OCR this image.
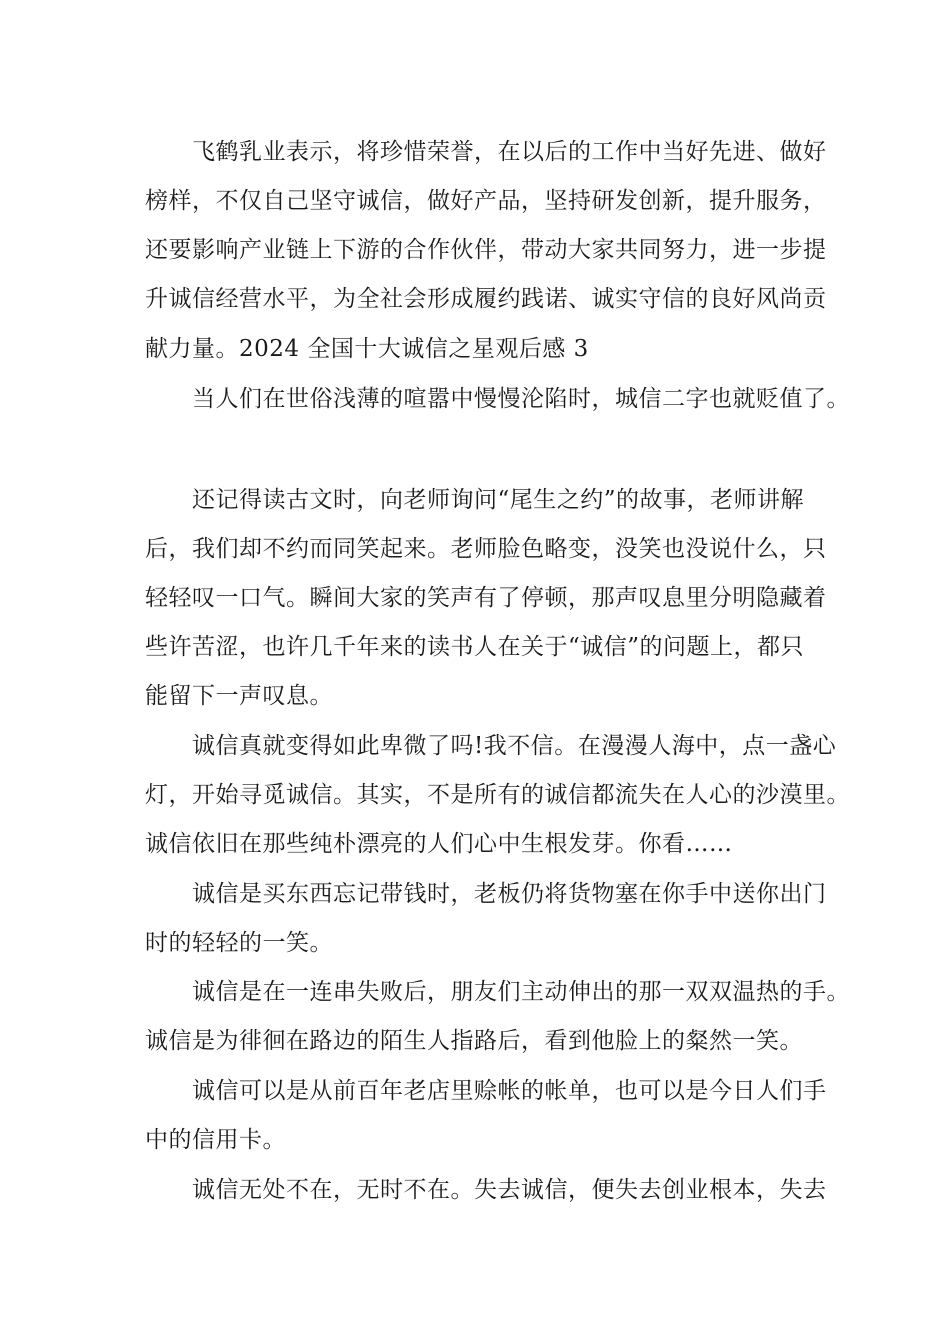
飞鹤乳业表示，将珍惜荣誉，在以后的工作中当好先进、做好
榜样，不仅自己坚守诚信，做好产品，坚持研发创新，提升服务，
还要影响产业链上下游的合作伙伴，带动大家共同努力，进一步提
升诚信经营水平，为全社会形成履约践诺、诚实守信的良好风尚贡
献力量。2024 全国十大诚信之星观后感 3
当人们在世俗浅薄的喧嚣中慢慢沦陷时，城信二字也就贬值了。
还记得读古文时，向老师询问“尾生之约”的故事，老师讲解
后，我们却不约而同笑起来。老师脸色略变，没笑也没说什么，只
轻轻叹一口气。瞬间大家的笑声有了停顿，那声叹息里分明隐藏着
些许苦涩，也许几千年来的读书人在关于“诚信”的问题上，都只
能留下一声叹息。
诚信真就变得如此卑微了吗!我不信。在漫漫人海中，点一盏心
灯，开始寻觅诚信。其实，不是所有的诚信都流失在人心的沙漠里。
诚信依旧在那些纯朴漂亮的人们心中生根发芽。你看……
诚信是买东西忘记带钱时，老板仍将货物塞在你手中送你出门
时的轻轻的一笑。
诚信是在一连串失败后，朋友们主动伸出的那一双双温热的手。
诚信是为徘徊在路边的陌生人指路后，看到他脸上的粲然一笑。
诚信可以是从前百年老店里赊帐的帐单，也可以是今日人们手
中的信用卡。
诚信无处不在，无时不在。失去诚信，便失去创业根本，失去
